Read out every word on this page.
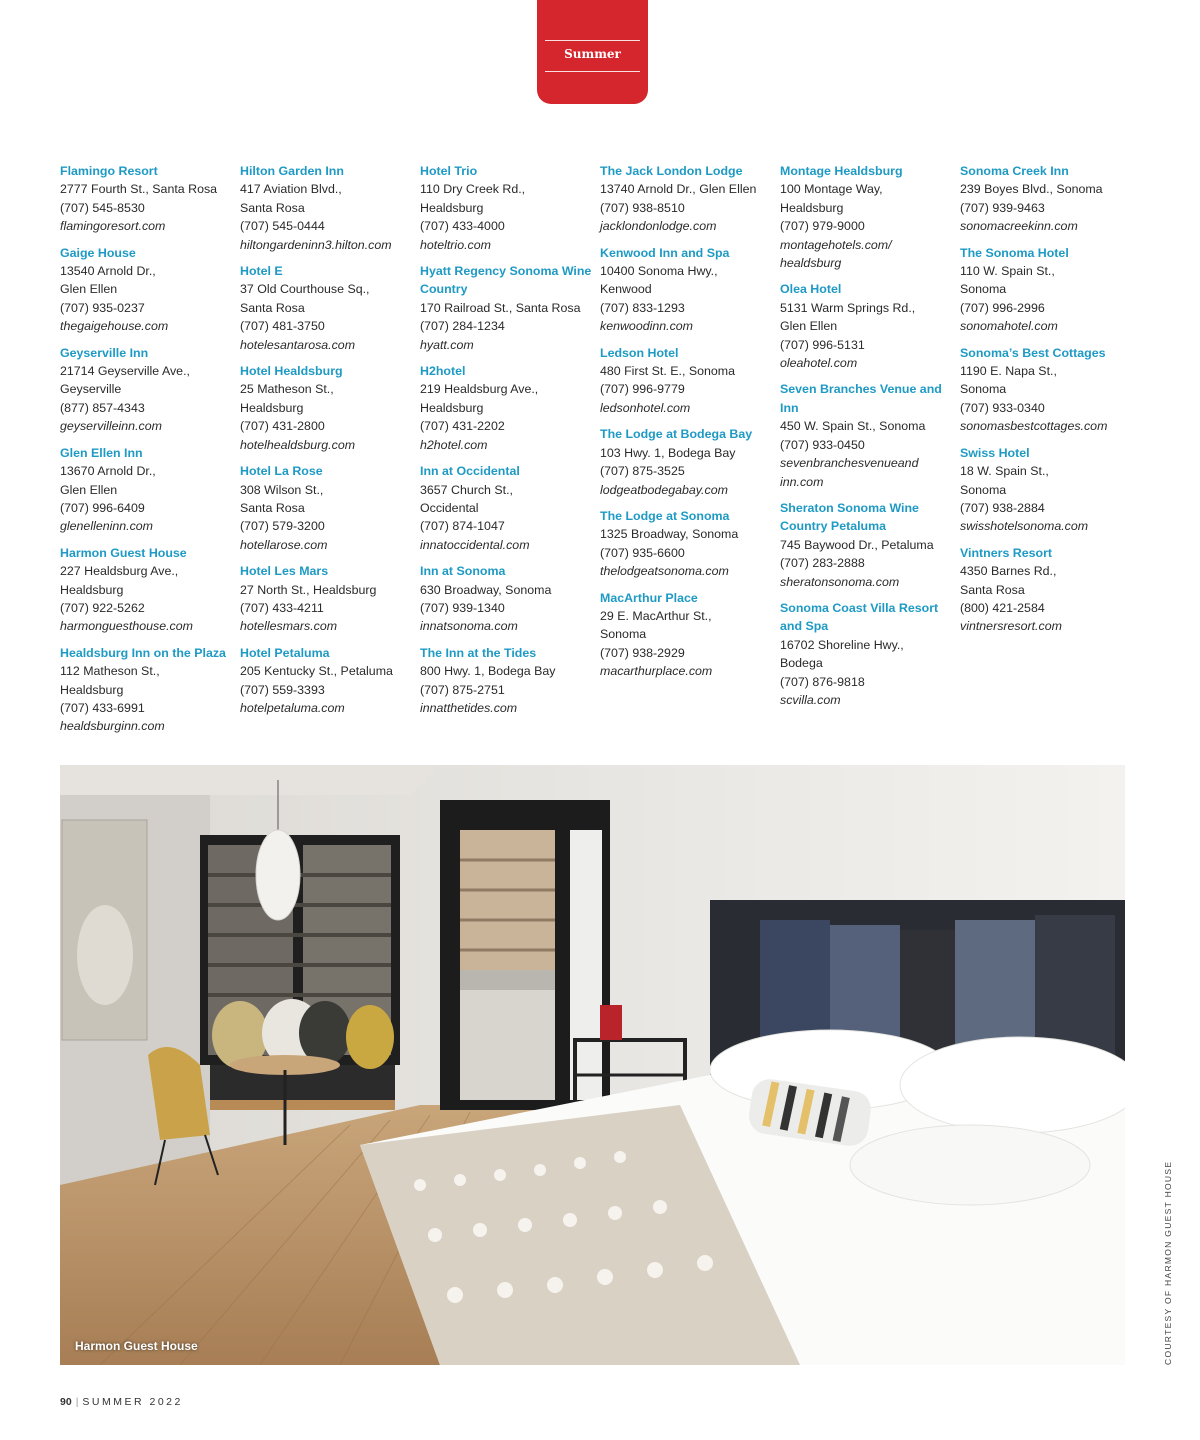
Summer
Flamingo Resort
2777 Fourth St., Santa Rosa
(707) 545-8530
flamingoresort.com
Gaige House
13540 Arnold Dr.,
Glen Ellen
(707) 935-0237
thegaigehouse.com
Geyserville Inn
21714 Geyserville Ave.,
Geyserville
(877) 857-4343
geyservilleinn.com
Glen Ellen Inn
13670 Arnold Dr.,
Glen Ellen
(707) 996-6409
glenelleninn.com
Harmon Guest House
227 Healdsburg Ave.,
Healdsburg
(707) 922-5262
harmonguesthouse.com
Healdsburg Inn on the Plaza
112 Matheson St.,
Healdsburg
(707) 433-6991
healdsburginn.com
Hilton Garden Inn
417 Aviation Blvd.,
Santa Rosa
(707) 545-0444
hiltongardeninn3.hilton.com
Hotel E
37 Old Courthouse Sq.,
Santa Rosa
(707) 481-3750
hotelesantarosa.com
Hotel Healdsburg
25 Matheson St.,
Healdsburg
(707) 431-2800
hotelhealdsburg.com
Hotel La Rose
308 Wilson St.,
Santa Rosa
(707) 579-3200
hotellarose.com
Hotel Les Mars
27 North St., Healdsburg
(707) 433-4211
hotellesmars.com
Hotel Petaluma
205 Kentucky St., Petaluma
(707) 559-3393
hotelpetaluma.com
Hotel Trio
110 Dry Creek Rd.,
Healdsburg
(707) 433-4000
hoteltrio.com
Hyatt Regency Sonoma Wine Country
170 Railroad St., Santa Rosa
(707) 284-1234
hyatt.com
H2hotel
219 Healdsburg Ave.,
Healdsburg
(707) 431-2202
h2hotel.com
Inn at Occidental
3657 Church St.,
Occidental
(707) 874-1047
innatoccidental.com
Inn at Sonoma
630 Broadway, Sonoma
(707) 939-1340
innatsonoma.com
The Inn at the Tides
800 Hwy. 1, Bodega Bay
(707) 875-2751
innatthetides.com
The Jack London Lodge
13740 Arnold Dr., Glen Ellen
(707) 938-8510
jacklondonlodge.com
Kenwood Inn and Spa
10400 Sonoma Hwy.,
Kenwood
(707) 833-1293
kenwoodinn.com
Ledson Hotel
480 First St. E., Sonoma
(707) 996-9779
ledsonhotel.com
The Lodge at Bodega Bay
103 Hwy. 1, Bodega Bay
(707) 875-3525
lodgeatbodegabay.com
The Lodge at Sonoma
1325 Broadway, Sonoma
(707) 935-6600
thelodgeatsonoma.com
MacArthur Place
29 E. MacArthur St.,
Sonoma
(707) 938-2929
macarthurplace.com
Montage Healdsburg
100 Montage Way,
Healdsburg
(707) 979-9000
montagehotels.com/
healdsburg
Olea Hotel
5131 Warm Springs Rd.,
Glen Ellen
(707) 996-5131
oleahotel.com
Seven Branches Venue and Inn
450 W. Spain St., Sonoma
(707) 933-0450
sevenbranchesvenueand
inn.com
Sheraton Sonoma Wine Country Petaluma
745 Baywood Dr., Petaluma
(707) 283-2888
sheratonsonoma.com
Sonoma Coast Villa Resort and Spa
16702 Shoreline Hwy.,
Bodega
(707) 876-9818
scvilla.com
Sonoma Creek Inn
239 Boyes Blvd., Sonoma
(707) 939-9463
sonomacreekinn.com
The Sonoma Hotel
110 W. Spain St.,
Sonoma
(707) 996-2996
sonomahotel.com
Sonoma’s Best Cottages
1190 E. Napa St.,
Sonoma
(707) 933-0340
sonomasbestcottages.com
Swiss Hotel
18 W. Spain St.,
Sonoma
(707) 938-2884
swisshotelsonoma.com
Vintners Resort
4350 Barnes Rd.,
Santa Rosa
(800) 421-2584
vintnersresort.com
Harmon Guest House	COURTESY OF HARMON GUEST HOUSE
90 | SUMMER 2022
